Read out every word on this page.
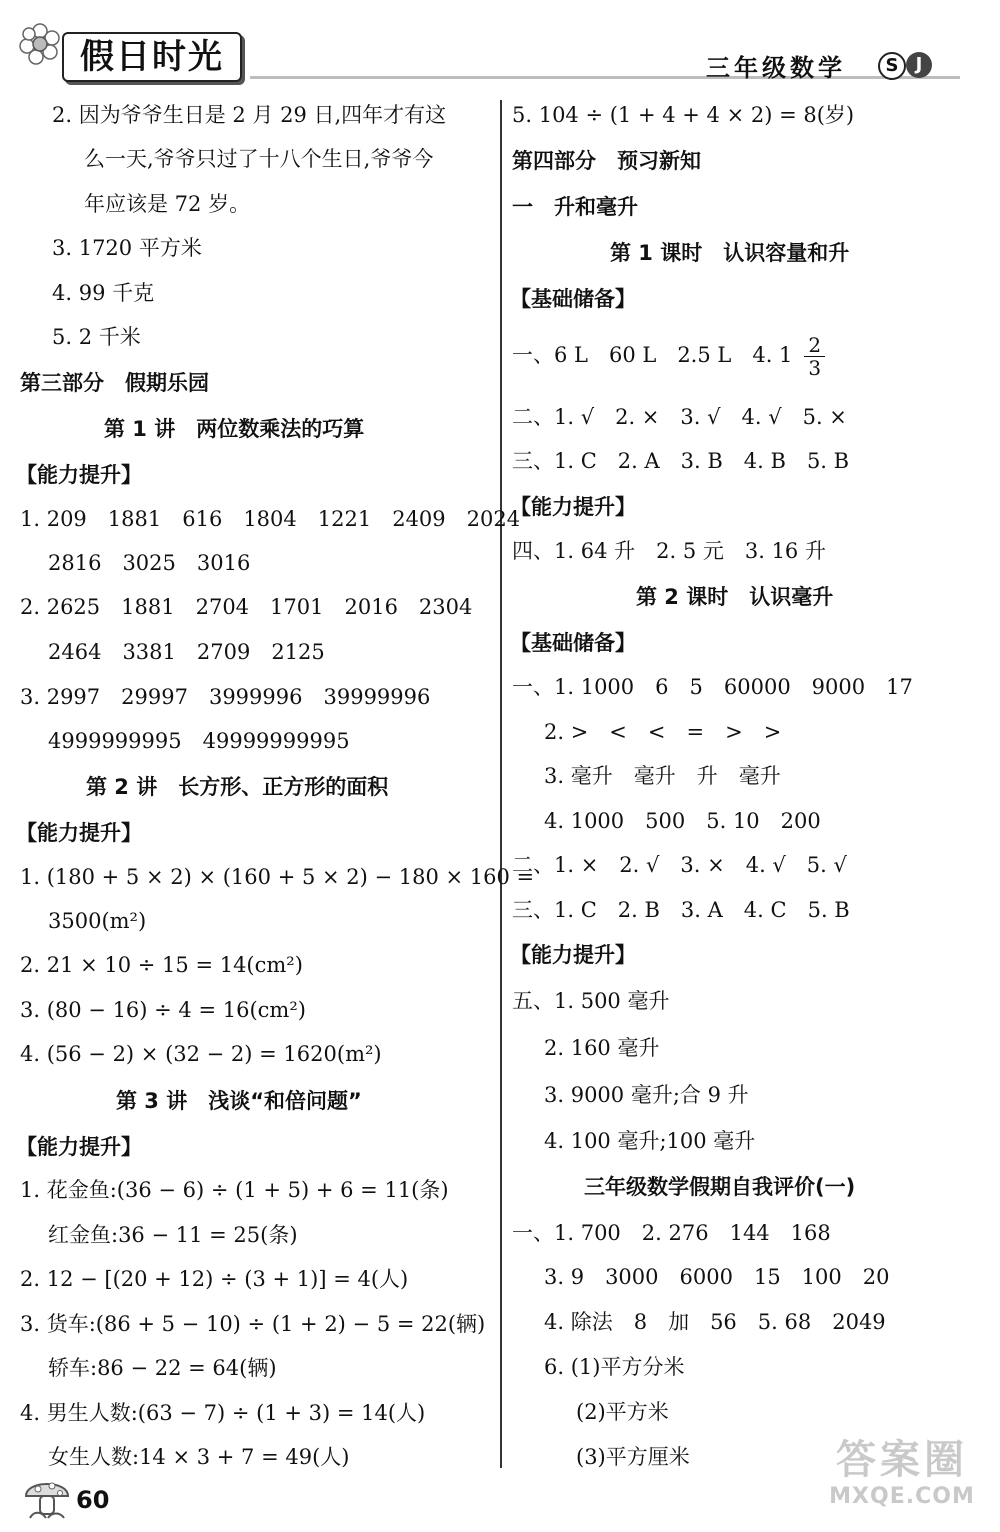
假日时光	三年级数学	S J
2. 因为爷爷生日是 2 月 29 日,四年才有这
么一天,爷爷只过了十八个生日,爷爷今
年应该是 72 岁。
3. 1720 平方米
4. 99 千克
5. 2 千米
第三部分　假期乐园
第 1 讲　两位数乘法的巧算
【能力提升】
1. 209　1881　616　1804　1221　2409　2024
2816　3025　3016
2. 2625　1881　2704　1701　2016　2304
2464　3381　2709　2125
3. 2997　29997　3999996　39999996
4999999995　49999999995
第 2 讲　长方形、正方形的面积
【能力提升】
1. (180 + 5 × 2) × (160 + 5 × 2) − 180 × 160 =
3500(m²)
2. 21 × 10 ÷ 15 = 14(cm²)
3. (80 − 16) ÷ 4 = 16(cm²)
4. (56 − 2) × (32 − 2) = 1620(m²)
第 3 讲　浅谈“和倍问题”
【能力提升】
1. 花金鱼:(36 − 6) ÷ (1 + 5) + 6 = 11(条)
红金鱼:36 − 11 = 25(条)
2. 12 − [(20 + 12) ÷ (3 + 1)] = 4(人)
3. 货车:(86 + 5 − 10) ÷ (1 + 2) − 5 = 22(辆)
轿车:86 − 22 = 64(辆)
4. 男生人数:(63 − 7) ÷ (1 + 3) = 14(人)
女生人数:14 × 3 + 7 = 49(人)
5. 104 ÷ (1 + 4 + 4 × 2) = 8(岁)
第四部分　预习新知
一　升和毫升
第 1 课时　认识容量和升
【基础储备】
一、6 L　60 L　2.5 L　4. $1 \frac{2}{3}$
二、1. √　2. ×　3. √　4. √　5. ×
三、1. C　2. A　3. B　4. B　5. B
【能力提升】
四、1. 64 升　2. 5 元　3. 16 升
第 2 课时　认识毫升
【基础储备】
一、1. 1000　6　5　60000　9000　17
2. >　<　<　=　>　>
3. 毫升　毫升　升　毫升
4. 1000　500　5. 10　200
二、1. ×　2. √　3. ×　4. √　5. √
三、1. C　2. B　3. A　4. C　5. B
【能力提升】
五、1. 500 毫升
2. 160 毫升
3. 9000 毫升;合 9 升
4. 100 毫升;100 毫升
三年级数学假期自我评价(一)
一、1. 700　2. 276　144　168
3. 9　3000　6000　15　100　20
4. 除法　8　加　56　5. 68　2049
6. (1)平方分米
(2)平方米
(3)平方厘米
60
答案圈
MXQE.COM
